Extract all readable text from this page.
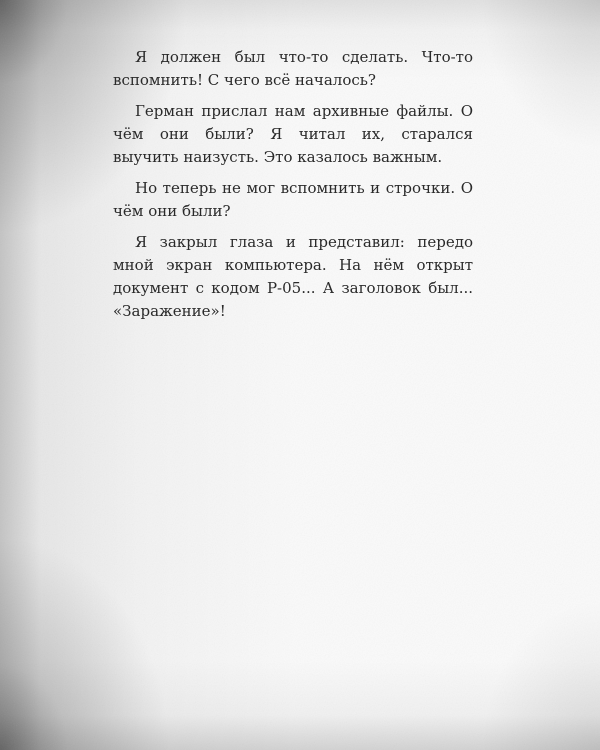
Я должен был что-то сделать. Что-то вспомнить! С чего всё началось?

Герман прислал нам архивные файлы. О чём они были? Я читал их, старался выучить наизусть. Это казалось важным.

Но теперь не мог вспомнить и строчки. О чём они были?

Я закрыл глаза и представил: передо мной экран компьютера. На нём открыт документ с кодом Р-05... А заголовок был... «Заражение»!
